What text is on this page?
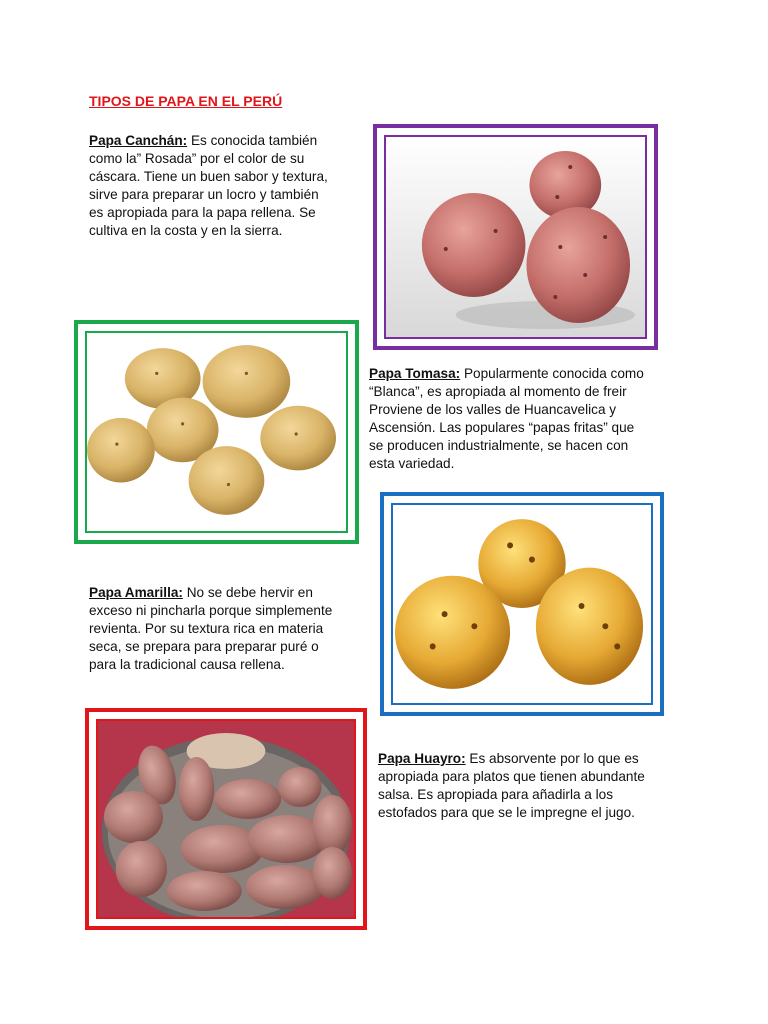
TIPOS DE PAPA EN EL PERÚ
Papa Canchán: Es conocida también
como la” Rosada” por el color de su
cáscara. Tiene un buen sabor y textura,
sirve para preparar un locro y también
es apropiada para la papa rellena. Se
cultiva en la costa y en la sierra.
Papa Tomasa: Popularmente conocida como
“Blanca”, es apropiada al momento de freir
Proviene de los valles de Huancavelica y
Ascensión. Las populares “papas fritas” que
se producen industrialmente, se hacen con
esta variedad.
Papa Amarilla: No se debe hervir en
exceso ni pincharla porque simplemente
revienta. Por su textura rica en materia
seca, se prepara para preparar puré o
para la tradicional causa rellena.
Papa Huayro: Es absorvente por lo que es
apropiada para platos que tienen abundante
salsa. Es apropiada para añadirla a los
estofados para que se le impregne el jugo.
